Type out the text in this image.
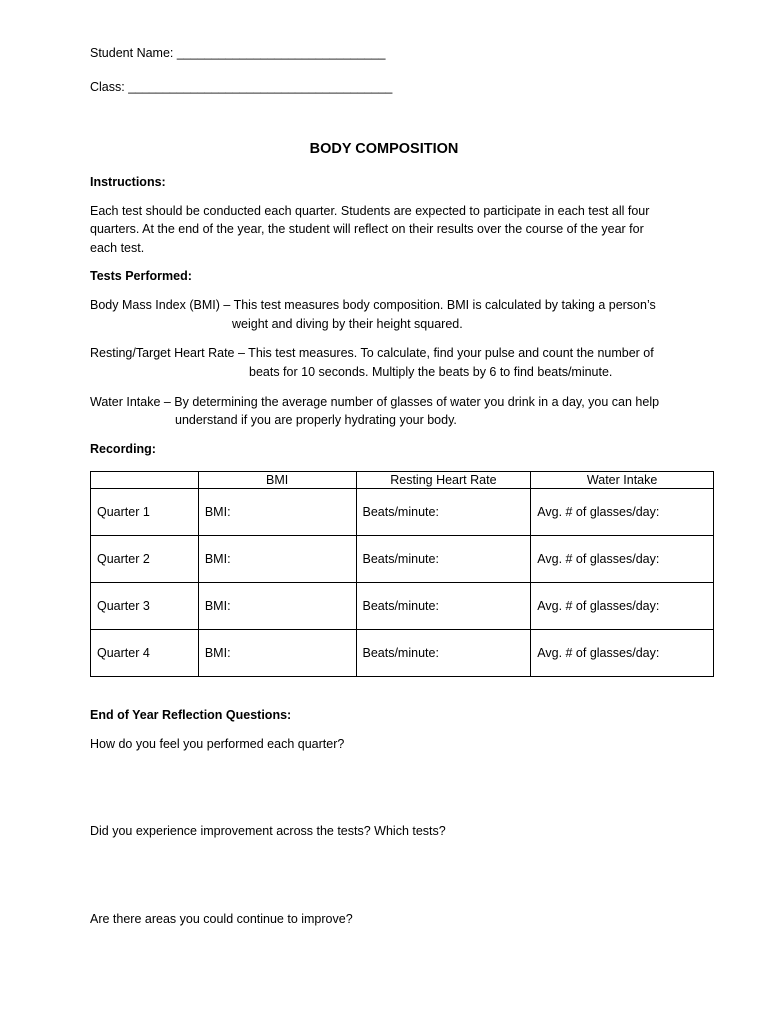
Student Name: ______________________________
Class: ______________________________________
BODY COMPOSITION
Instructions:
Each test should be conducted each quarter. Students are expected to participate in each test all four
quarters. At the end of the year, the student will reflect on their results over the course of the year for
each test.
Tests Performed:
Body Mass Index (BMI) – This test measures body composition. BMI is calculated by taking a person’s
weight and diving by their height squared.
Resting/Target Heart Rate – This test measures. To calculate, find your pulse and count the number of
beats for 10 seconds. Multiply the beats by 6 to find beats/minute.
Water Intake – By determining the average number of glasses of water you drink in a day, you can help
understand if you are properly hydrating your body.
Recording:
	BMI	Resting Heart Rate	Water Intake
Quarter 1	BMI:	Beats/minute:	Avg. # of glasses/day:
Quarter 2	BMI:	Beats/minute:	Avg. # of glasses/day:
Quarter 3	BMI:	Beats/minute:	Avg. # of glasses/day:
Quarter 4	BMI:	Beats/minute:	Avg. # of glasses/day:
End of Year Reflection Questions:
How do you feel you performed each quarter?
Did you experience improvement across the tests? Which tests?
Are there areas you could continue to improve?
